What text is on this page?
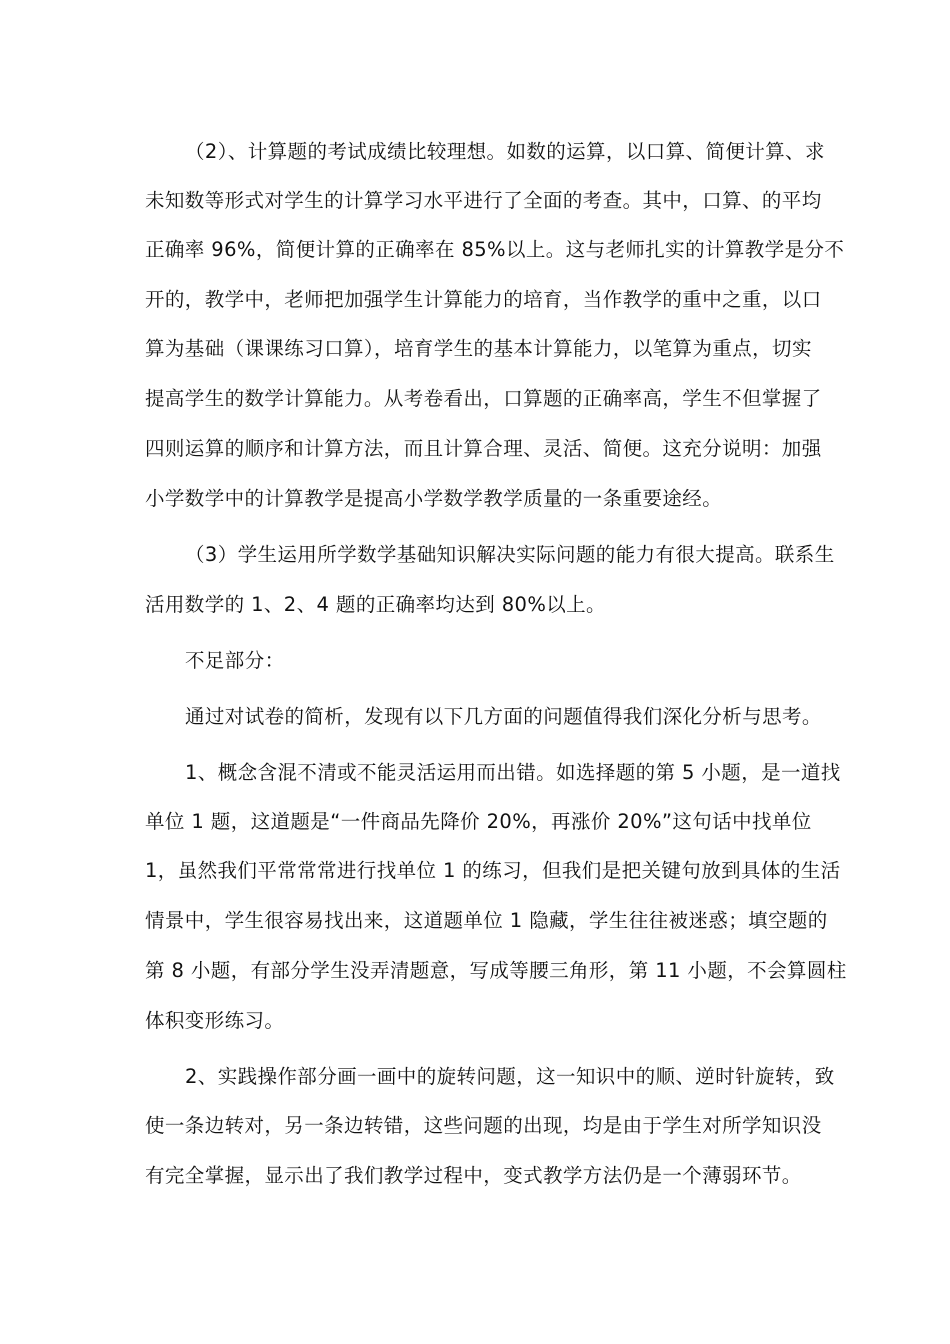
（2）、计算题的考试成绩比较理想。如数的运算，以口算、简便计算、求
未知数等形式对学生的计算学习水平进行了全面的考查。其中，口算、的平均
正确率 96%，简便计算的正确率在 85%以上。这与老师扎实的计算教学是分不
开的，教学中，老师把加强学生计算能力的培育，当作教学的重中之重，以口
算为基础（课课练习口算），培育学生的基本计算能力，以笔算为重点，切实
提高学生的数学计算能力。从考卷看出，口算题的正确率高，学生不但掌握了
四则运算的顺序和计算方法，而且计算合理、灵活、简便。这充分说明：加强
小学数学中的计算教学是提高小学数学教学质量的一条重要途经。
（3）学生运用所学数学基础知识解决实际问题的能力有很大提高。联系生
活用数学的 1、2、4 题的正确率均达到 80%以上。
不足部分：
通过对试卷的简析，发现有以下几方面的问题值得我们深化分析与思考。
1、概念含混不清或不能灵活运用而出错。如选择题的第 5 小题，是一道找
单位 1 题，这道题是“一件商品先降价 20%，再涨价 20%”这句话中找单位
1，虽然我们平常常常进行找单位 1 的练习，但我们是把关键句放到具体的生活
情景中，学生很容易找出来，这道题单位 1 隐藏，学生往往被迷惑；填空题的
第 8 小题，有部分学生没弄清题意，写成等腰三角形，第 11 小题，不会算圆柱
体积变形练习。
2、实践操作部分画一画中的旋转问题，这一知识中的顺、逆时针旋转，致
使一条边转对，另一条边转错，这些问题的出现，均是由于学生对所学知识没
有完全掌握，显示出了我们教学过程中，变式教学方法仍是一个薄弱环节。
